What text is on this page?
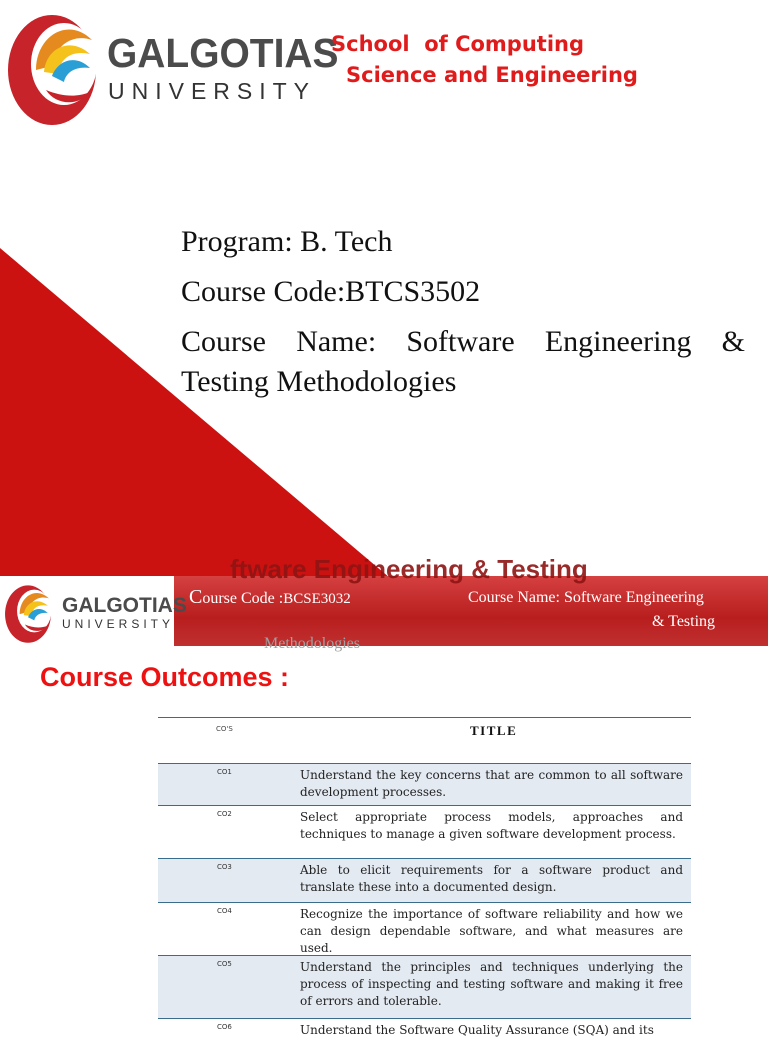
GALGOTIAS
UNIVERSITY
School  of Computing
Science and Engineering
Program: B. Tech
Course Code:BTCS3502
Course Name: Software Engineering & Testing Methodologies
ftware Engineering & Testing
GALGOTIAS
UNIVERSITY
Course Code :BCSE3032	Course Name: Software Engineering
& Testing
Methodologies
Course Outcomes :
CO'S	TITLE
CO1	Understand the key concerns that are common to all software development processes.
CO2	Select appropriate process models, approaches and techniques to manage a given software development process.
CO3	Able to elicit requirements for a software product and translate these into a documented design.
CO4	Recognize the importance of software reliability and how we can design dependable software, and what measures are used.
CO5	Understand the principles and techniques underlying the process of inspecting and testing software and making it free of errors and tolerable.
CO6	Understand the Software Quality Assurance (SQA) and its
